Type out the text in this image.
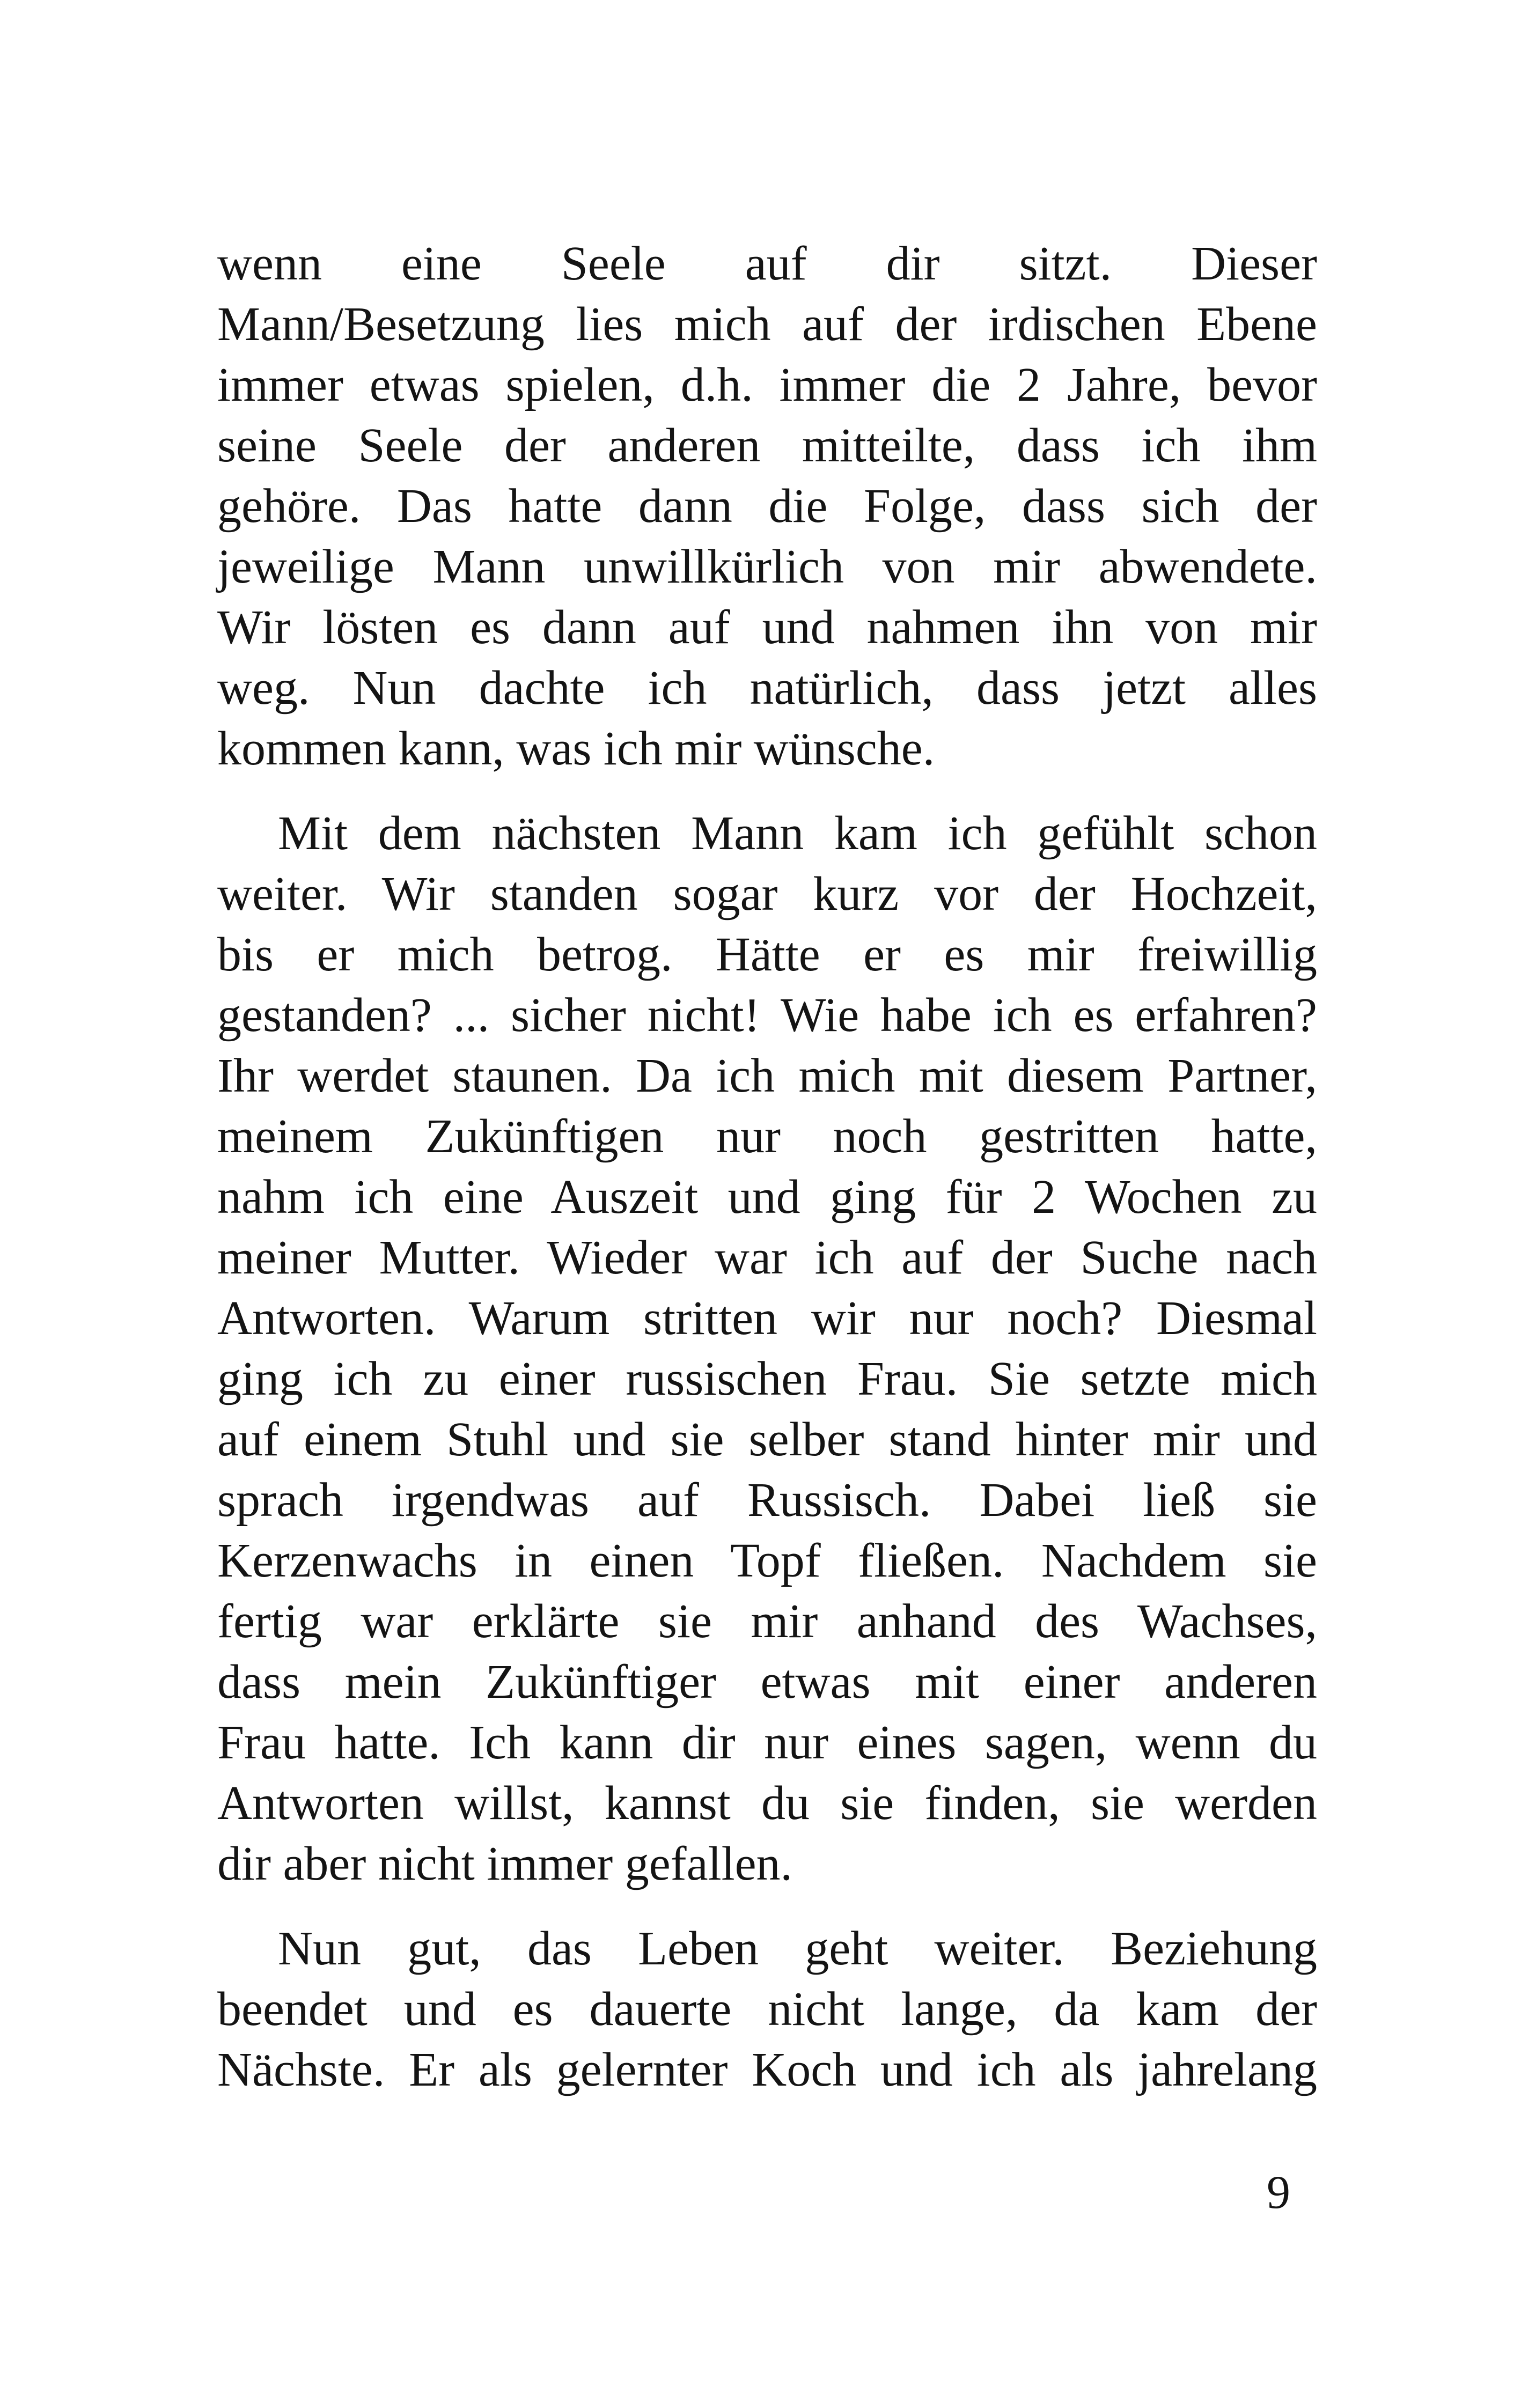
wenn eine Seele auf dir sitzt. Dieser
Mann/Besetzung lies mich auf der irdischen Ebene
immer etwas spielen, d.h. immer die 2 Jahre, bevor
seine Seele der anderen mitteilte, dass ich ihm
gehöre. Das hatte dann die Folge, dass sich der
jeweilige Mann unwillkürlich von mir abwendete.
Wir lösten es dann auf und nahmen ihn von mir
weg. Nun dachte ich natürlich, dass jetzt alles
kommen kann, was ich mir wünsche.
Mit dem nächsten Mann kam ich gefühlt schon
weiter. Wir standen sogar kurz vor der Hochzeit,
bis er mich betrog. Hätte er es mir freiwillig
gestanden? ... sicher nicht! Wie habe ich es erfahren?
Ihr werdet staunen. Da ich mich mit diesem Partner,
meinem Zukünftigen nur noch gestritten hatte,
nahm ich eine Auszeit und ging für 2 Wochen zu
meiner Mutter. Wieder war ich auf der Suche nach
Antworten. Warum stritten wir nur noch? Diesmal
ging ich zu einer russischen Frau. Sie setzte mich
auf einem Stuhl und sie selber stand hinter mir und
sprach irgendwas auf Russisch. Dabei ließ sie
Kerzenwachs in einen Topf fließen. Nachdem sie
fertig war erklärte sie mir anhand des Wachses,
dass mein Zukünftiger etwas mit einer anderen
Frau hatte. Ich kann dir nur eines sagen, wenn du
Antworten willst, kannst du sie finden, sie werden
dir aber nicht immer gefallen.
Nun gut, das Leben geht weiter. Beziehung
beendet und es dauerte nicht lange, da kam der
Nächste. Er als gelernter Koch und ich als jahrelang
9
